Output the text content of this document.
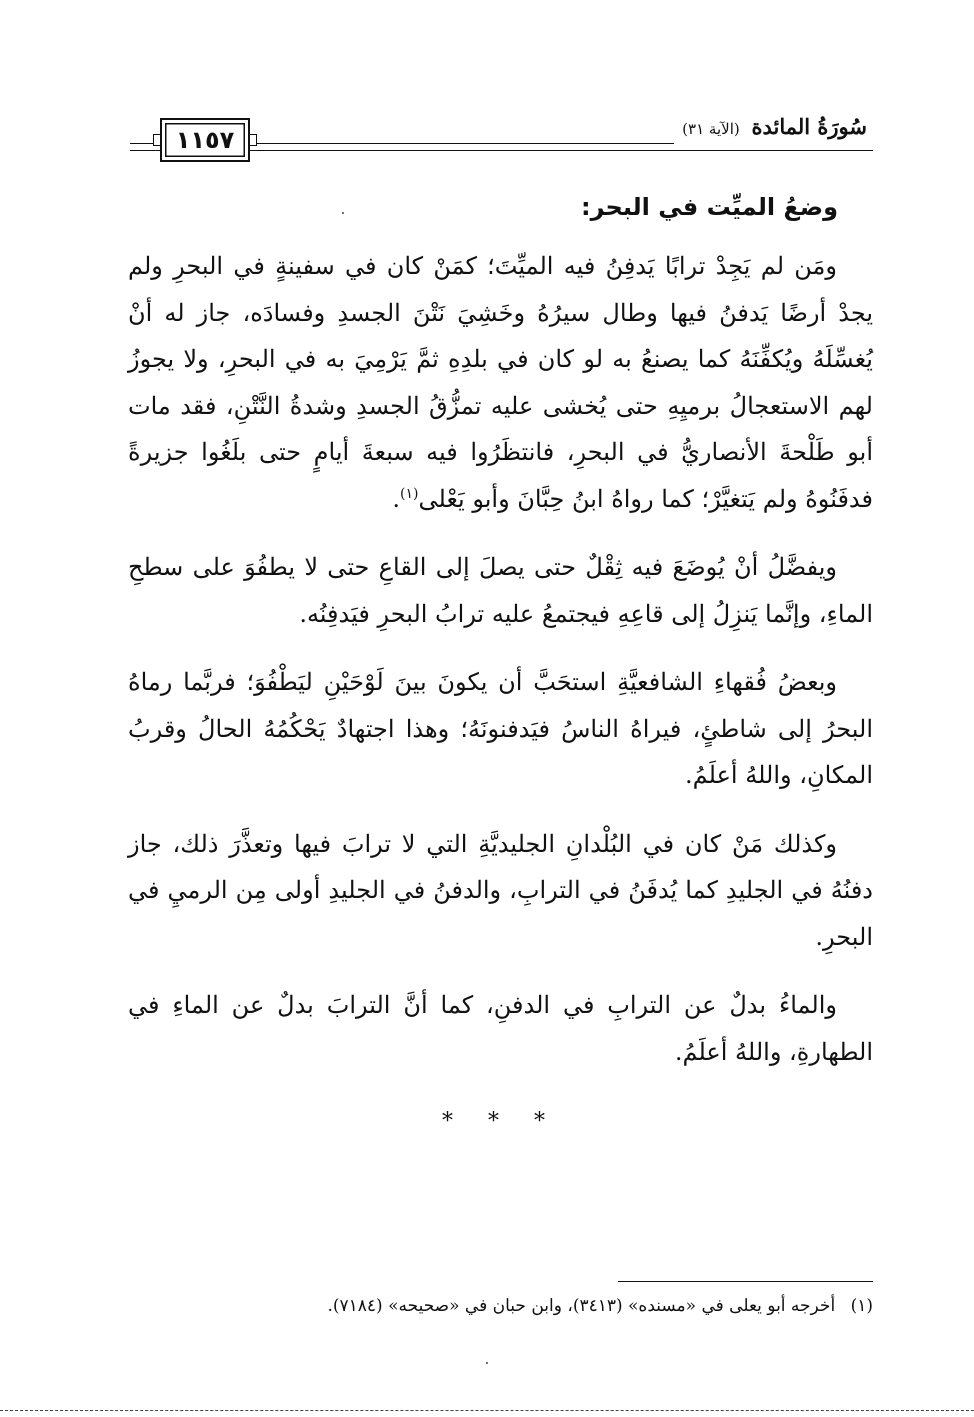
١١٥٧	سُورَةُ المائدة (الآية ٣١)
وضعُ الميِّت في البحر:

ومَن لم يَجِدْ ترابًا يَدفِنُ فيه الميِّتَ؛ كمَنْ كان في سفينةٍ في البحرِ ولم يجدْ أرضًا يَدفنُ فيها وطال سيرُهُ وخَشِيَ نَتْنَ الجسدِ وفسادَه، جاز له أنْ يُغسِّلَهُ ويُكفِّنَهُ كما يصنعُ به لو كان في بلدِهِ ثمَّ يَرْمِيَ به في البحرِ، ولا يجوزُ لهم الاستعجالُ برميِهِ حتى يُخشى عليه تمزُّقُ الجسدِ وشدةُ النَّتْنِ، فقد مات أبو طَلْحةَ الأنصاريُّ في البحرِ، فانتظَرُوا فيه سبعةَ أيامٍ حتى بلَغُوا جزيرةً فدفَنُوهُ ولم يَتغيَّرْ؛ كما رواهُ ابنُ حِبَّانَ وأبو يَعْلى$^{(١)}$.

ويفضَّلُ أنْ يُوضَعَ فيه ثِقْلٌ حتى يصلَ إلى القاعِ حتى لا يطفُوَ على سطحِ الماءِ، وإنَّما يَنزِلُ إلى قاعِهِ فيجتمعُ عليه ترابُ البحرِ فيَدفِنُه.

وبعضُ فُقهاءِ الشافعيَّةِ استحَبَّ أن يكونَ بينَ لَوْحَيْنِ ليَطْفُوَ؛ فربَّما رماهُ البحرُ إلى شاطئٍ، فيراهُ الناسُ فيَدفنونَهُ؛ وهذا اجتهادٌ يَحْكُمُهُ الحالُ وقربُ المكانِ، واللهُ أعلَمُ.

وكذلك مَنْ كان في البُلْدانِ الجليديَّةِ التي لا ترابَ فيها وتعذَّرَ ذلك، جاز دفنُهُ في الجليدِ كما يُدفَنُ في الترابِ، والدفنُ في الجليدِ أولى مِن الرميِ في البحرِ.

والماءُ بدلٌ عن الترابِ في الدفنِ، كما أنَّ الترابَ بدلٌ عن الماءِ في الطهارةِ، واللهُ أعلَمُ.

* * *
(١) أخرجه أبو يعلى في «مسنده» (٣٤١٣)، وابن حبان في «صحيحه» (٧١٨٤).
